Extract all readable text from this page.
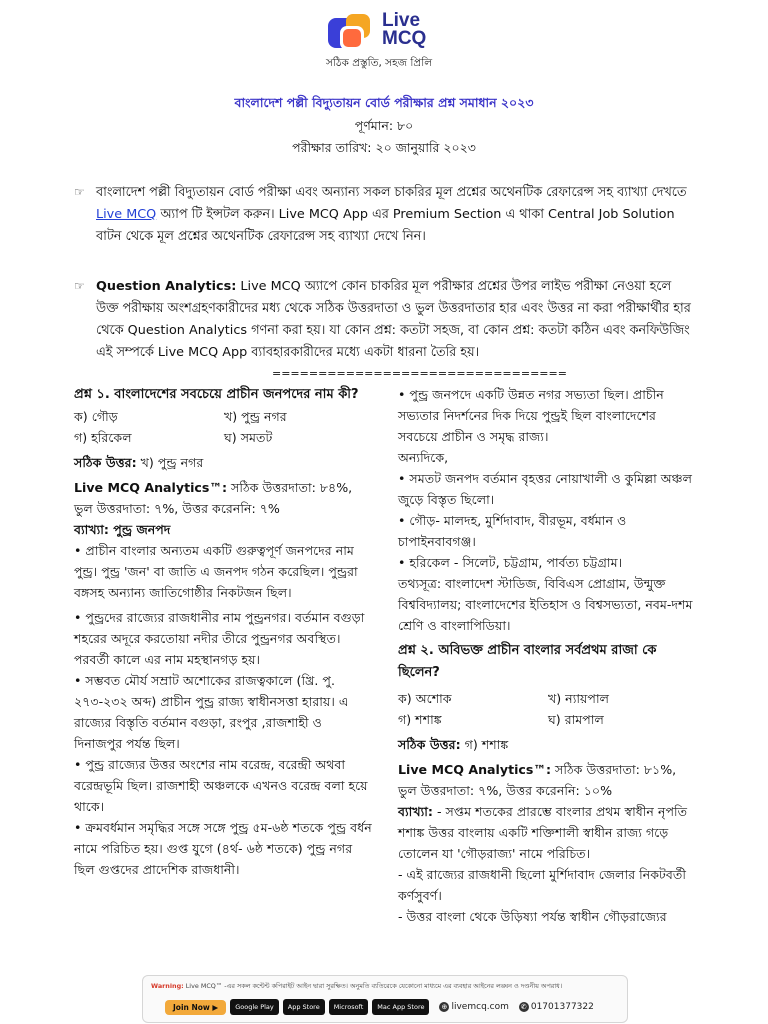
Live
MCQ
সঠিক প্রস্তুতি, সহজ প্রিলি
বাংলাদেশ পল্লী বিদ্যুতায়ন বোর্ড পরীক্ষার প্রশ্ন সমাধান ২০২৩
পূর্ণমান: ৮০
পরীক্ষার তারিখ: ২০ জানুয়ারি ২০২৩
☞ বাংলাদেশ পল্লী বিদ্যুতায়ন বোর্ড পরীক্ষা এবং অন্যান্য সকল চাকরির মূল প্রশ্নের অথেনটিক রেফারেন্স সহ ব্যাখ্যা দেখতে Live MCQ অ্যাপ টি ইন্সটল করুন। Live MCQ App এর Premium Section এ থাকা Central Job Solution বাটন থেকে মূল প্রশ্নের অথেনটিক রেফারেন্স সহ ব্যাখ্যা দেখে নিন।
☞ Question Analytics: Live MCQ অ্যাপে কোন চাকরির মূল পরীক্ষার প্রশ্নের উপর লাইভ পরীক্ষা নেওয়া হলে উক্ত পরীক্ষায় অংশগ্রহণকারীদের মধ্য থেকে সঠিক উত্তরদাতা ও ভুল উত্তরদাতার হার এবং উত্তর না করা পরীক্ষার্থীর হার থেকে Question Analytics গণনা করা হয়। যা কোন প্রশ্ন: কতটা সহজ, বা কোন প্রশ্ন: কতটা কঠিন এবং কনফিউজিং এই সম্পর্কে Live MCQ App ব্যাবহারকারীদের মধ্যে একটা ধারনা তৈরি হয়।
================================

প্রশ্ন ১. বাংলাদেশের সবচেয়ে প্রাচীন জনপদের নাম কী?

ক) গৌড়	খ) পুন্ড্র নগর
গ) হরিকেল	ঘ) সমতট

সঠিক উত্তর: খ) পুন্ড্র নগর

Live MCQ Analytics™: সঠিক উত্তরদাতা: ৮৪%, ভুল উত্তরদাতা: ৭%, উত্তর করেননি: ৭%

ব্যাখ্যা: পুন্ড্র জনপদ

• প্রাচীন বাংলার অন্যতম একটি গুরুত্বপূর্ণ জনপদের নাম পুন্ড্র। পুন্ড্র 'জন' বা জাতি এ জনপদ গঠন করেছিল। পুন্ড্ররা বঙ্গসহ অন্যান্য জাতিগোষ্ঠীর নিকটজন ছিল।

• পুন্ড্রদের রাজ্যের রাজধানীর নাম পুন্ড্রনগর। বর্তমান বগুড়া শহরের অদূরে করতোয়া নদীর তীরে পুন্ড্রনগর অবস্থিত। পরবর্তী কালে এর নাম মহস্থানগড় হয়।

• সম্ভবত মৌর্য সম্রাট অশোকের রাজত্বকালে (খ্রি. পু. ২৭৩-২৩২ অব্দ) প্রাচীন পুন্ড্র রাজ্য স্বাধীনসত্তা হারায়। এ রাজ্যের বিস্তৃতি বর্তমান বগুড়া, রংপুর ,রাজশাহী ও দিনাজপুর পর্যন্ত ছিল।

• পুন্ড্র রাজ্যের উত্তর অংশের নাম বরেন্দ্র, বরেন্দ্রী অথবা বরেন্দ্রভূমি ছিল। রাজশাহী অঞ্চলকে এখনও বরেন্দ্র বলা হয়ে থাকে।

• ক্রমবর্ধমান সমৃদ্ধির সঙ্গে সঙ্গে পুন্ড্র ৫ম-৬ষ্ঠ শতকে পুন্ড্র বর্ধন নামে পরিচিত হয়। গুপ্ত যুগে (৪র্থ- ৬ষ্ঠ শতকে) পুন্ড্র নগর ছিল গুপ্তদের প্রাদেশিক রাজধানী।

• পুন্ড্র জনপদে একটি উন্নত নগর সভ্যতা ছিল। প্রাচীন সভ্যতার নিদর্শনের দিক দিয়ে পুন্ড্রই ছিল বাংলাদেশের সবচেয়ে প্রাচীন ও সমৃদ্ধ রাজ্য।

অন্যদিকে,

• সমতট জনপদ বর্তমান বৃহত্তর নোয়াখালী ও কুমিল্লা অঞ্চল জুড়ে বিস্তৃত ছিলো।

• গৌড়- মালদহ, মুর্শিদাবাদ, বীরভূম, বর্ধমান ও চাপাইনবাবগঞ্জ।

• হরিকেল - সিলেট, চট্টগ্রাম, পার্বত্য চট্টগ্রাম।

তথ্যসূত্র: বাংলাদেশ স্টাডিজ, বিবিএস প্রোগ্রাম, উন্মুক্ত বিশ্ববিদ্যালয়; বাংলাদেশের ইতিহাস ও বিশ্বসভ্যতা, নবম-দশম শ্রেণি ও বাংলাপিডিয়া।

প্রশ্ন ২. অবিভক্ত প্রাচীন বাংলার সর্বপ্রথম রাজা কে ছিলেন?

ক) অশোক	খ) ন্যায়পাল
গ) শশাঙ্ক	ঘ) রামপাল

সঠিক উত্তর: গ) শশাঙ্ক

Live MCQ Analytics™: সঠিক উত্তরদাতা: ৮১%, ভুল উত্তরদাতা: ৭%, উত্তর করেননি: ১০%

ব্যাখ্যা: - সপ্তম শতকের প্রারম্ভে বাংলার প্রথম স্বাধীন নৃপতি শশাঙ্ক উত্তর বাংলায় একটি শক্তিশালী স্বাধীন রাজ্য গড়ে তোলেন যা 'গৌড়রাজ্য' নামে পরিচিত।

- এই রাজ্যের রাজধানী ছিলো মুর্শিদাবাদ জেলার নিকটবর্তী কর্ণসুবর্ণ।

- উত্তর বাংলা থেকে উড়িষ্যা পর্যন্ত স্বাধীন গৌড়রাজ্যের

Warning: Live MCQ™ -এর সকল কন্টেন্ট কপিরাইট আইন দ্বারা সুরক্ষিত। অনুমতি ব্যতিরেকে যেকোনো মাধ্যমে এর ব্যবহার আইনের লঙ্ঘন ও দণ্ডনীয় অপরাধ।
Join Now ▶	Google Play	App Store	Microsoft	Mac App Store	⊕ livemcq.com ✆ 01701377322
